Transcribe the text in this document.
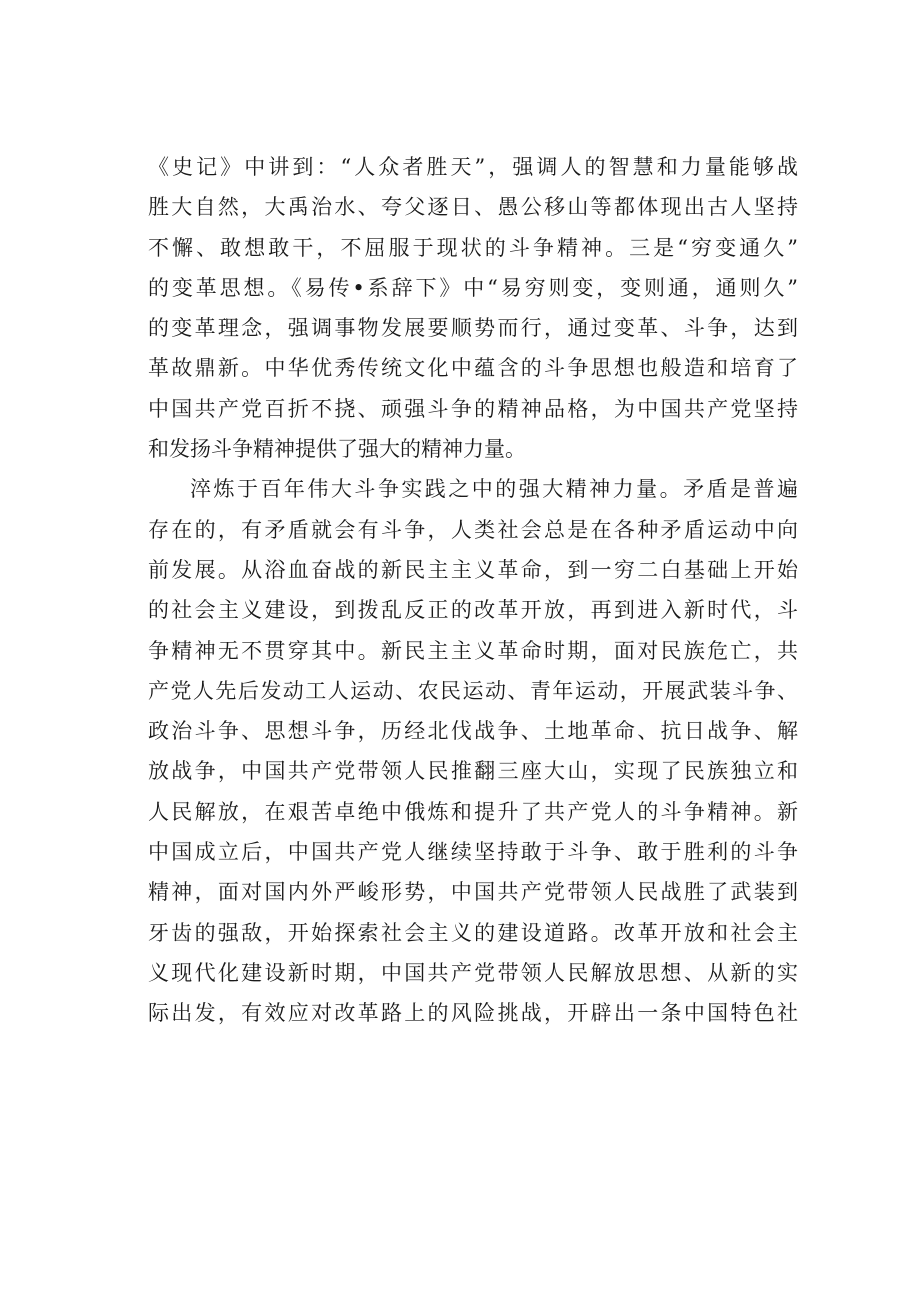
《史记》中讲到：“人众者胜天”，强调人的智慧和力量能够战
胜大自然，大禹治水、夸父逐日、愚公移山等都体现出古人坚持
不懈、敢想敢干，不屈服于现状的斗争精神。三是“穷变通久”
的变革思想。《易传•系辞下》中“易穷则变，变则通，通则久”
的变革理念，强调事物发展要顺势而行，通过变革、斗争，达到
革故鼎新。中华优秀传统文化中蕴含的斗争思想也般造和培育了
中国共产党百折不挠、顽强斗争的精神品格，为中国共产党坚持
和发扬斗争精神提供了强大的精神力量。
淬炼于百年伟大斗争实践之中的强大精神力量。矛盾是普遍
存在的，有矛盾就会有斗争，人类社会总是在各种矛盾运动中向
前发展。从浴血奋战的新民主主义革命，到一穷二白基础上开始
的社会主义建设，到拨乱反正的改革开放，再到进入新时代，斗
争精神无不贯穿其中。新民主主义革命时期，面对民族危亡，共
产党人先后发动工人运动、农民运动、青年运动，开展武装斗争、
政治斗争、思想斗争，历经北伐战争、土地革命、抗日战争、解
放战争，中国共产党带领人民推翻三座大山，实现了民族独立和
人民解放，在艰苦卓绝中俄炼和提升了共产党人的斗争精神。新
中国成立后，中国共产党人继续坚持敢于斗争、敢于胜利的斗争
精神，面对国内外严峻形势，中国共产党带领人民战胜了武装到
牙齿的强敌，开始探索社会主义的建设道路。改革开放和社会主
义现代化建设新时期，中国共产党带领人民解放思想、从新的实
际出发，有效应对改革路上的风险挑战，开辟出一条中国特色社
